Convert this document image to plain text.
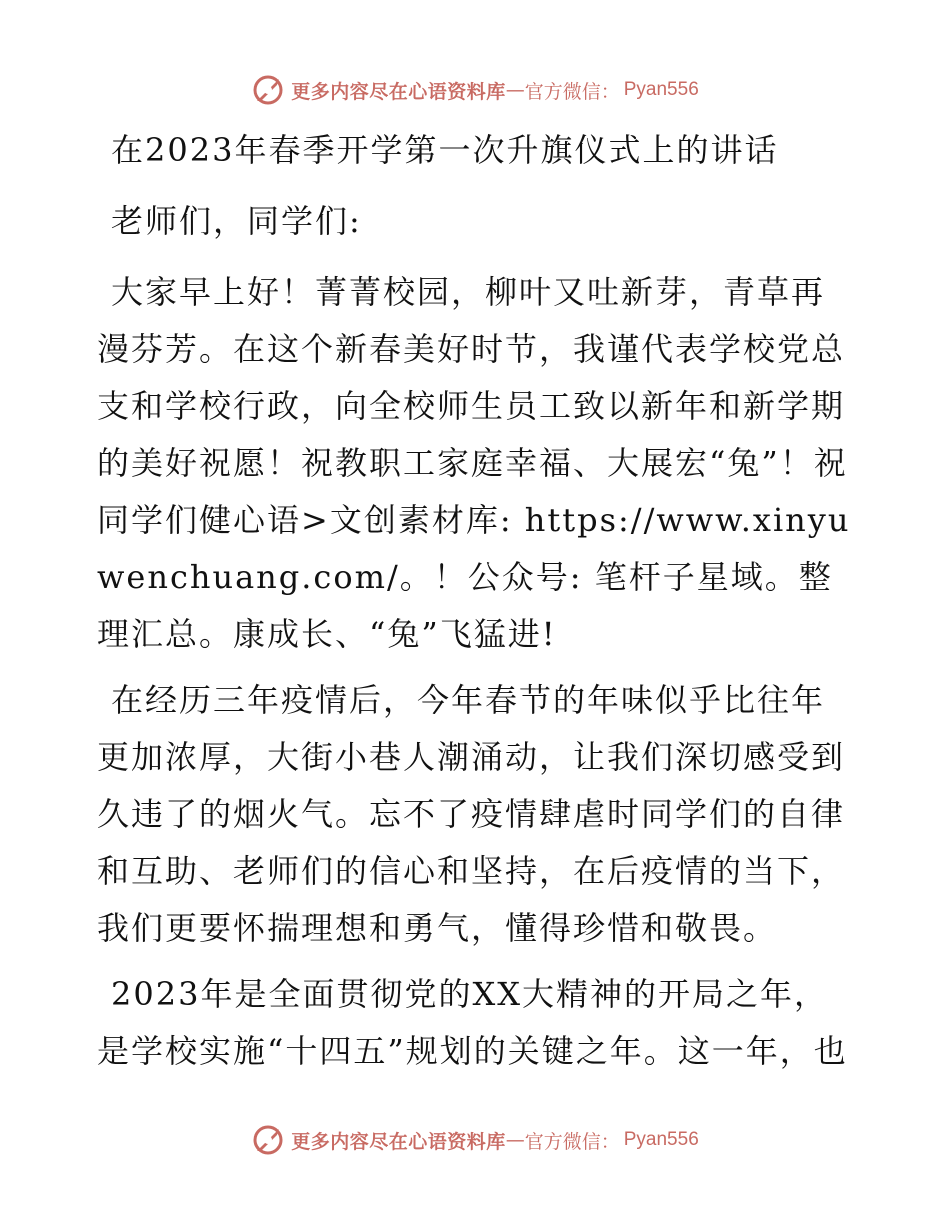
更多内容尽在心语资料库 — 官方微信： Pyan556

在2023年春季开学第一次升旗仪式上的讲话

老师们，同学们:

大家早上好！菁菁校园，柳叶又吐新芽，青草再漫芬芳。在这个新春美好时节，我谨代表学校党总支和学校行政，向全校师生员工致以新年和新学期的美好祝愿！祝教职工家庭幸福、大展宏“兔”！祝同学们健心语>文创素材库: https://www.xinyuwenchuang.com/。！公众号: 笔杆子星域。整理汇总。康成长、“兔”飞猛进!

在经历三年疫情后，今年春节的年味似乎比往年更加浓厚，大街小巷人潮涌动，让我们深切感受到久违了的烟火气。忘不了疫情肆虐时同学们的自律和互助、老师们的信心和坚持，在后疫情的当下，我们更要怀揣理想和勇气，懂得珍惜和敬畏。

2023年是全面贯彻党的XX大精神的开局之年，是学校实施“十四五”规划的关键之年。这一年，也

更多内容尽在心语资料库 — 官方微信： Pyan556
